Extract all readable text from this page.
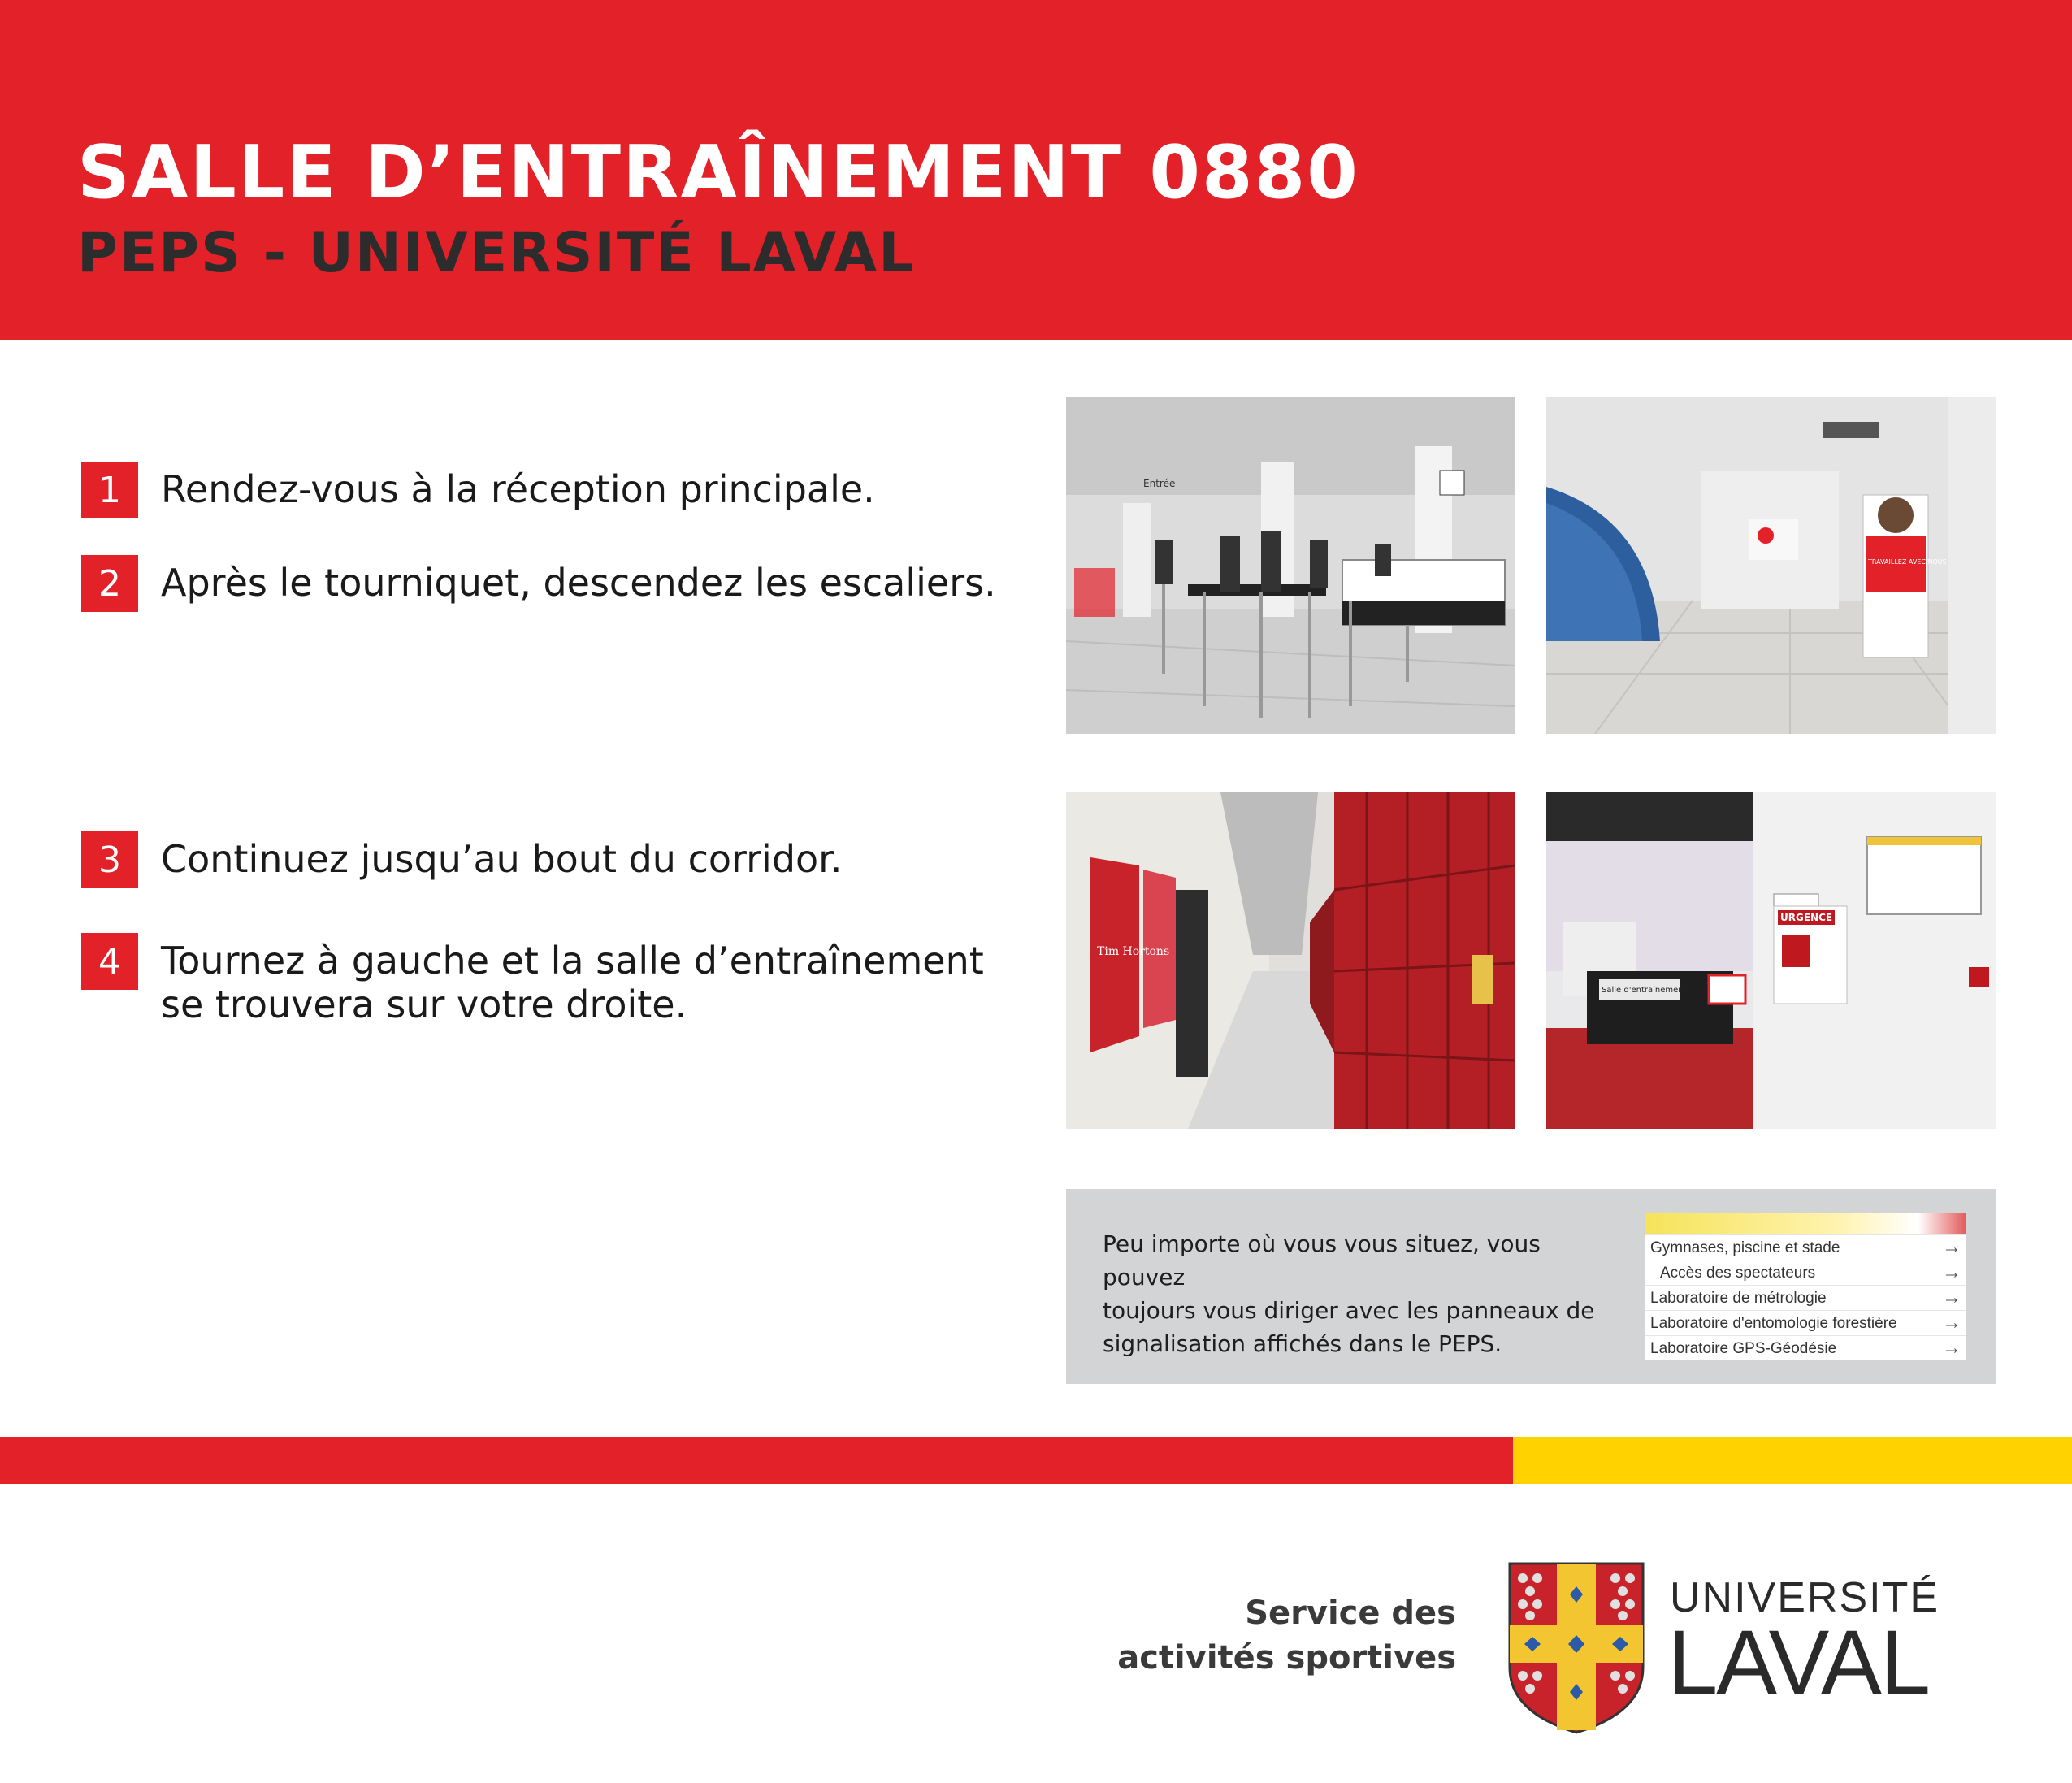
SALLE D’ENTRAÎNEMENT 0880
PEPS - UNIVERSITÉ LAVAL
1	Rendez-vous à la réception principale.
2	Après le tourniquet, descendez les escaliers.
3	Continuez jusqu’au bout du corridor.
4	Tournez à gauche et la salle d’entraînement
se trouvera sur votre droite.
Entrée
TRAVAILLEZ AVEC NOUS
Tim Hortons
Salle d'entraînement
URGENCE
Peu importe où vous vous situez, vous pouvez
toujours vous diriger avec les panneaux de
signalisation affichés dans le PEPS.
Gymnases, piscine et stade	→
Accès des spectateurs	→
Laboratoire de métrologie	→
Laboratoire d'entomologie forestière →
Laboratoire GPS-Géodésie	→
Service des
activités sportives
UNIVERSITÉ
LAVAL
